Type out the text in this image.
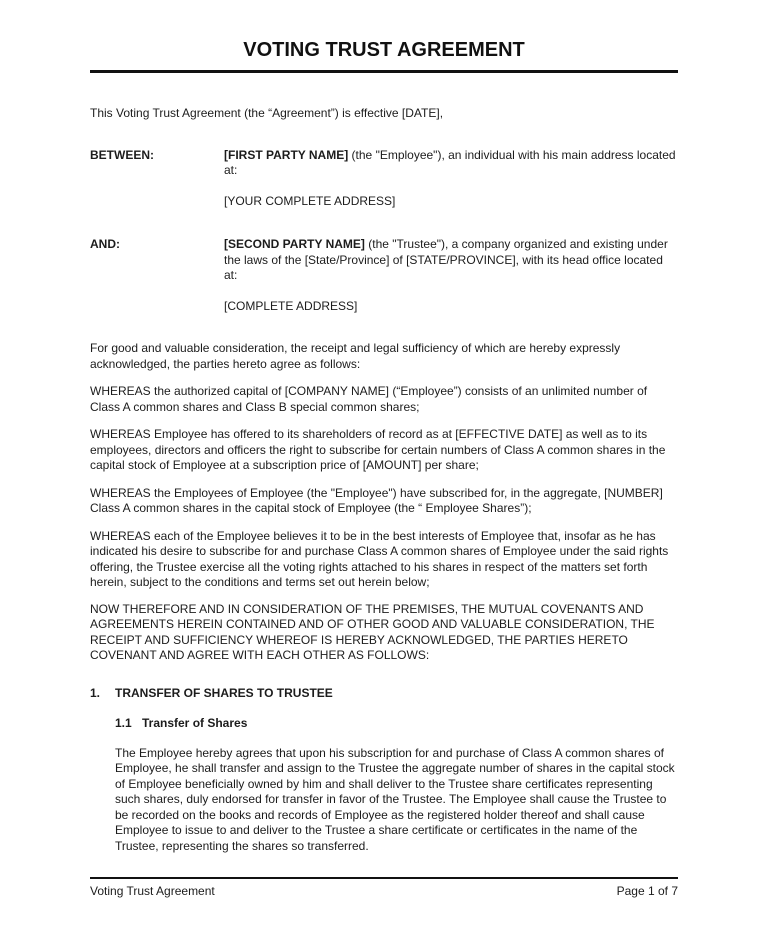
VOTING TRUST AGREEMENT

This Voting Trust Agreement (the “Agreement”) is effective [DATE],

BETWEEN:	[FIRST PARTY NAME] (the "Employee"), an individual with his main address located at:
[YOUR COMPLETE ADDRESS]
AND:	[SECOND PARTY NAME] (the "Trustee"), a company organized and existing under the laws of the [State/Province] of [STATE/PROVINCE], with its head office located at:
[COMPLETE ADDRESS]

For good and valuable consideration, the receipt and legal sufficiency of which are hereby expressly acknowledged, the parties hereto agree as follows:

WHEREAS the authorized capital of [COMPANY NAME] (“Employee”) consists of an unlimited number of Class A common shares and Class B special common shares;

WHEREAS Employee has offered to its shareholders of record as at [EFFECTIVE DATE] as well as to its employees, directors and officers the right to subscribe for certain numbers of Class A common shares in the capital stock of Employee at a subscription price of [AMOUNT] per share;

WHEREAS the Employees of Employee (the "Employee") have subscribed for, in the aggregate, [NUMBER] Class A common shares in the capital stock of Employee (the “ Employee Shares”);

WHEREAS each of the Employee believes it to be in the best interests of Employee that, insofar as he has indicated his desire to subscribe for and purchase Class A common shares of Employee under the said rights offering, the Trustee exercise all the voting rights attached to his shares in respect of the matters set forth herein, subject to the conditions and terms set out herein below;

NOW THEREFORE AND IN CONSIDERATION OF THE PREMISES, THE MUTUAL COVENANTS AND AGREEMENTS HEREIN CONTAINED AND OF OTHER GOOD AND VALUABLE CONSIDERATION, THE RECEIPT AND SUFFICIENCY WHEREOF IS HEREBY ACKNOWLEDGED, THE PARTIES HERETO COVENANT AND AGREE WITH EACH OTHER AS FOLLOWS:

1.	TRANSFER OF SHARES TO TRUSTEE
1.1 Transfer of Shares

The Employee hereby agrees that upon his subscription for and purchase of Class A common shares of Employee, he shall transfer and assign to the Trustee the aggregate number of shares in the capital stock of Employee beneficially owned by him and shall deliver to the Trustee share certificates representing such shares, duly endorsed for transfer in favor of the Trustee. The Employee shall cause the Trustee to be recorded on the books and records of Employee as the registered holder thereof and shall cause Employee to issue to and deliver to the Trustee a share certificate or certificates in the name of the Trustee, representing the shares so transferred.

Voting Trust Agreement	Page 1 of 7
